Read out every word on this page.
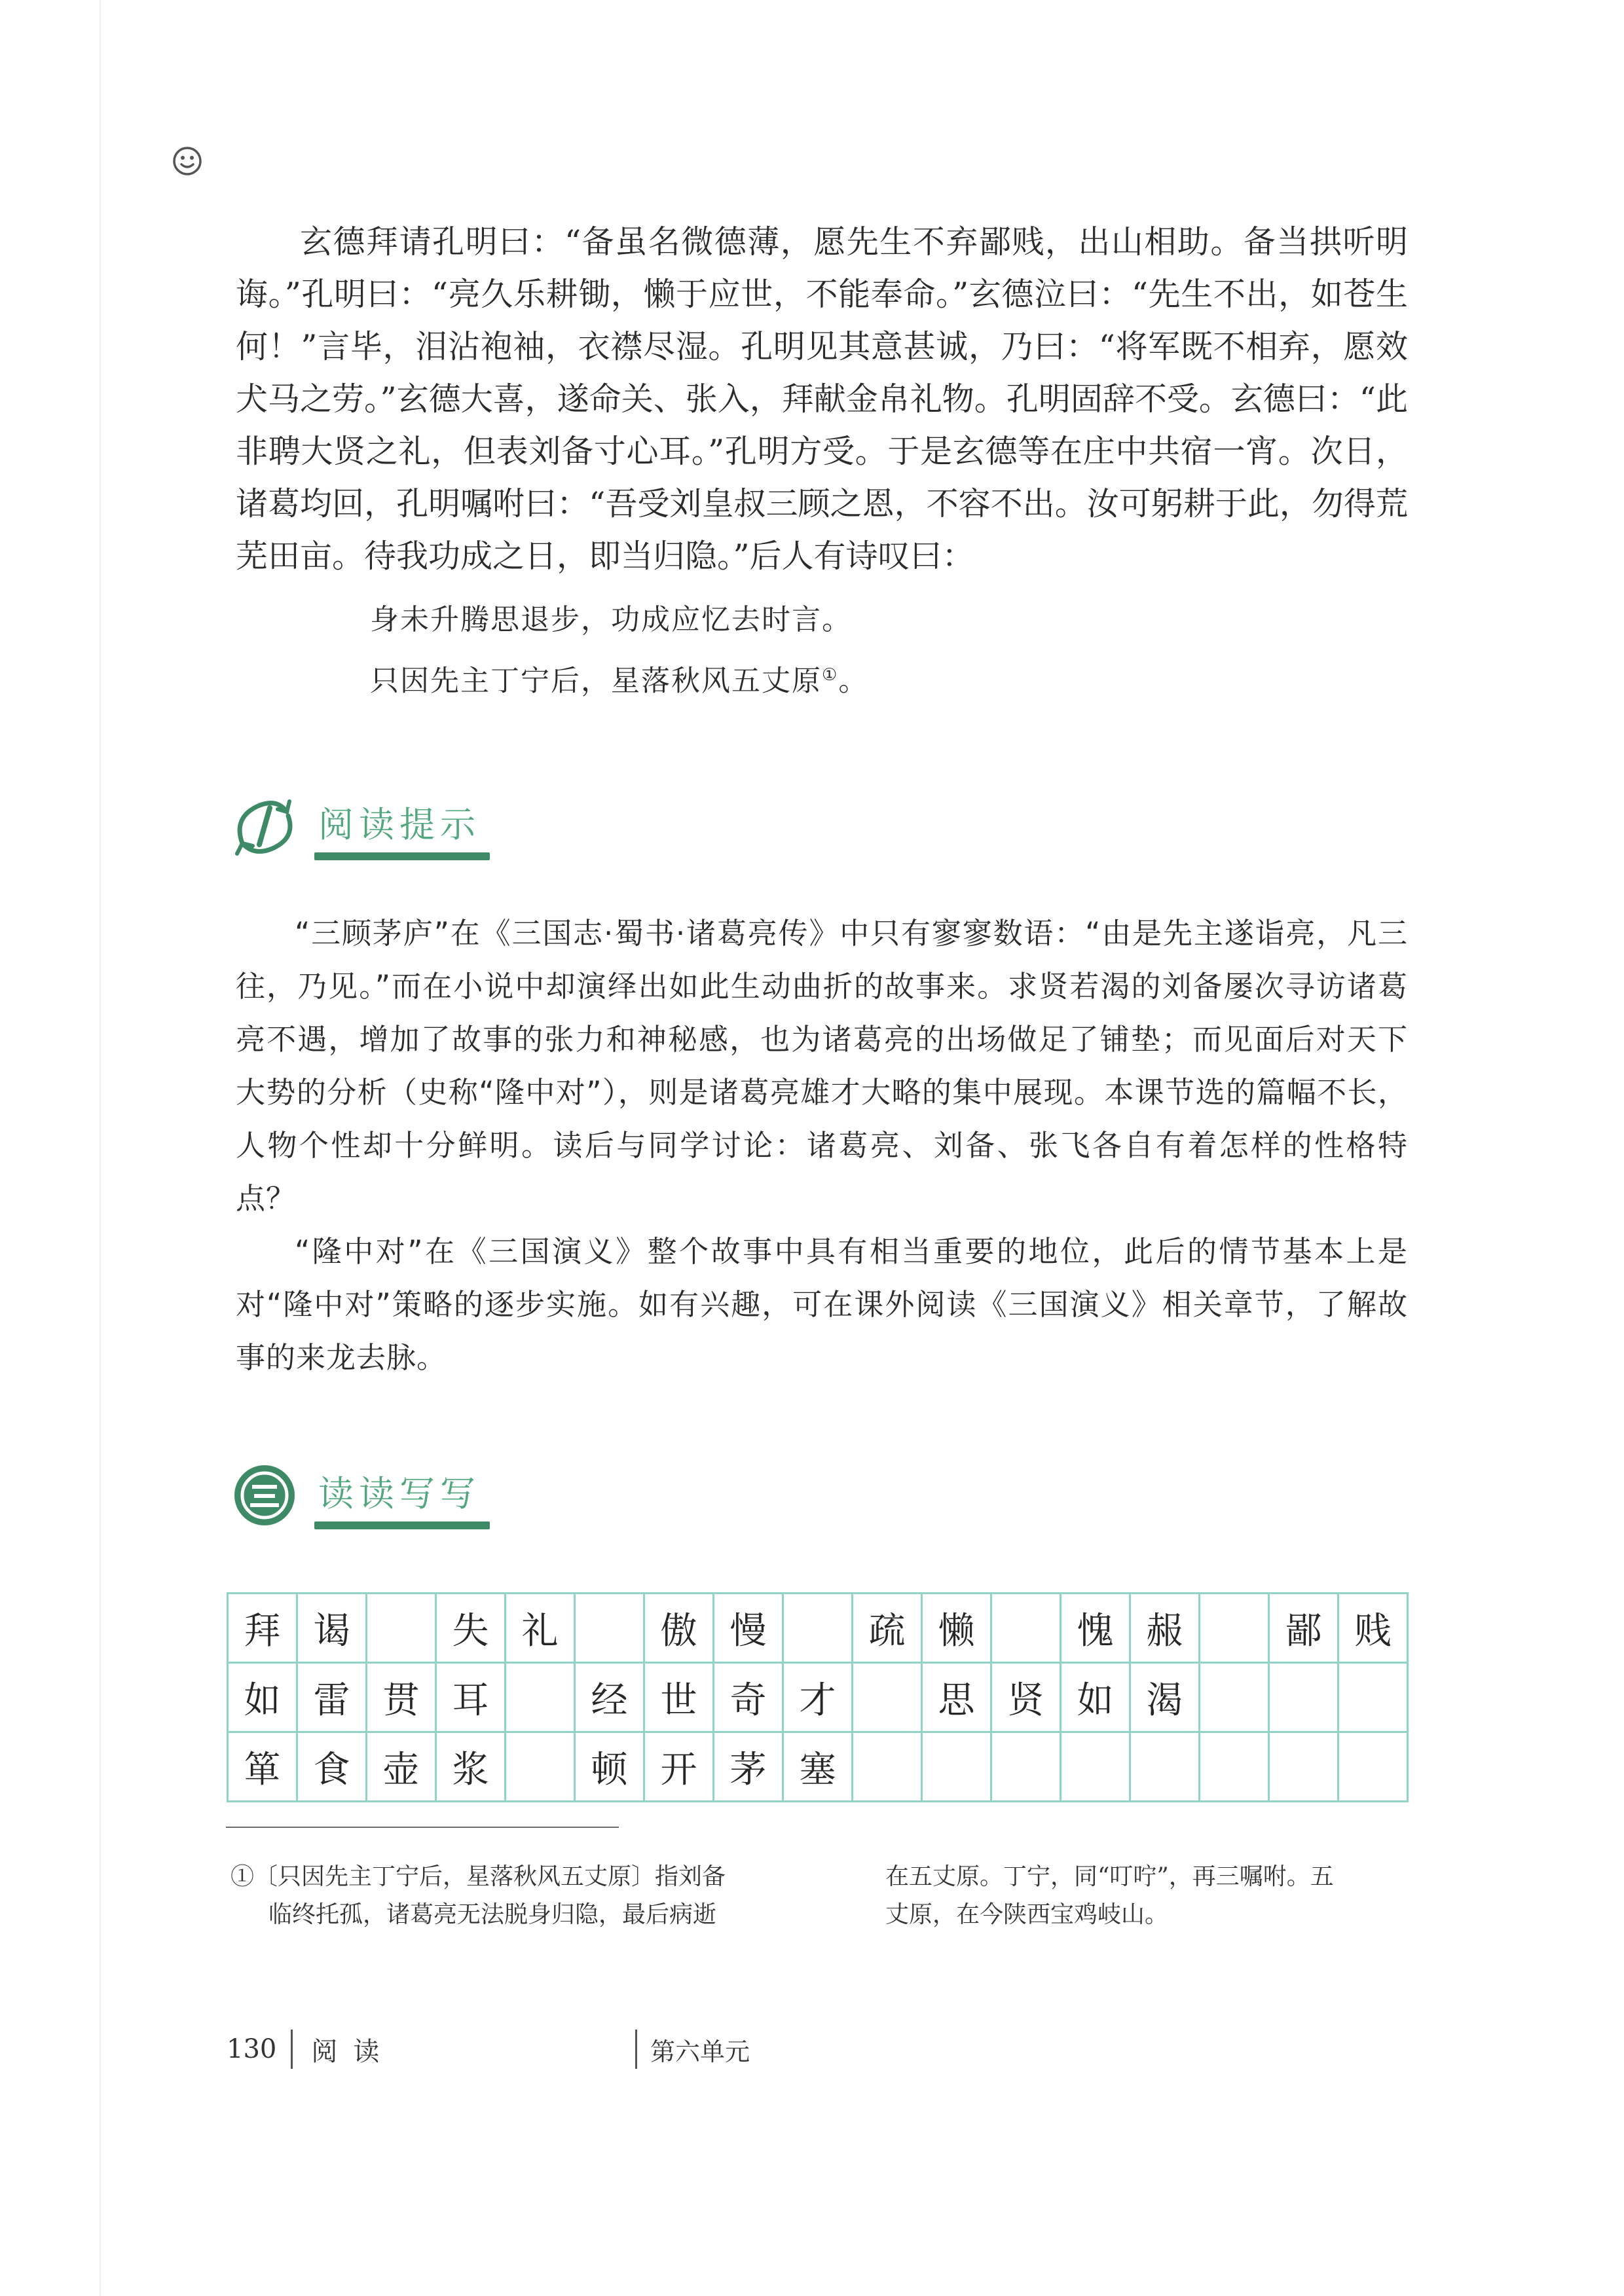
玄德拜请孔明曰：“备虽名微德薄，愿先生不弃鄙贱，出山相助。备当拱听明诲。”孔明曰：“亮久乐耕锄，懒于应世，不能奉命。”玄德泣曰：“先生不出，如苍生何！”言毕，泪沾袍袖，衣襟尽湿。孔明见其意甚诚，乃曰：“将军既不相弃，愿效犬马之劳。”玄德大喜，遂命关、张入，拜献金帛礼物。孔明固辞不受。玄德曰：“此非聘大贤之礼，但表刘备寸心耳。”孔明方受。于是玄德等在庄中共宿一宵。次日，诸葛均回，孔明嘱咐曰：“吾受刘皇叔三顾之恩，不容不出。汝可躬耕于此，勿得荒芜田亩。待我功成之日，即当归隐。”后人有诗叹曰：

身未升腾思退步，功成应忆去时言。
只因先主丁宁后，星落秋风五丈原①。
阅读提示

“三顾茅庐”在《三国志·蜀书·诸葛亮传》中只有寥寥数语：“由是先主遂诣亮，凡三往，乃见。”而在小说中却演绎出如此生动曲折的故事来。求贤若渴的刘备屡次寻访诸葛亮不遇，增加了故事的张力和神秘感，也为诸葛亮的出场做足了铺垫；而见面后对天下大势的分析（史称“隆中对”），则是诸葛亮雄才大略的集中展现。本课节选的篇幅不长，人物个性却十分鲜明。读后与同学讨论：诸葛亮、刘备、张飞各自有着怎样的性格特点？

“隆中对”在《三国演义》整个故事中具有相当重要的地位，此后的情节基本上是对“隆中对”策略的逐步实施。如有兴趣，可在课外阅读《三国演义》相关章节，了解故事的来龙去脉。

读读写写
拜	谒		失	礼		傲	慢		疏	懒		愧	赧		鄙	贱
如	雷	贯	耳		经	世	奇	才		思	贤	如	渴			
箪	食	壶	浆		顿	开	茅	塞								
①〔只因先主丁宁后，星落秋风五丈原〕指刘备
临终托孤，诸葛亮无法脱身归隐，最后病逝
在五丈原。丁宁，同“叮咛”，再三嘱咐。五
丈原，在今陕西宝鸡岐山。
130 阅读	第六单元
